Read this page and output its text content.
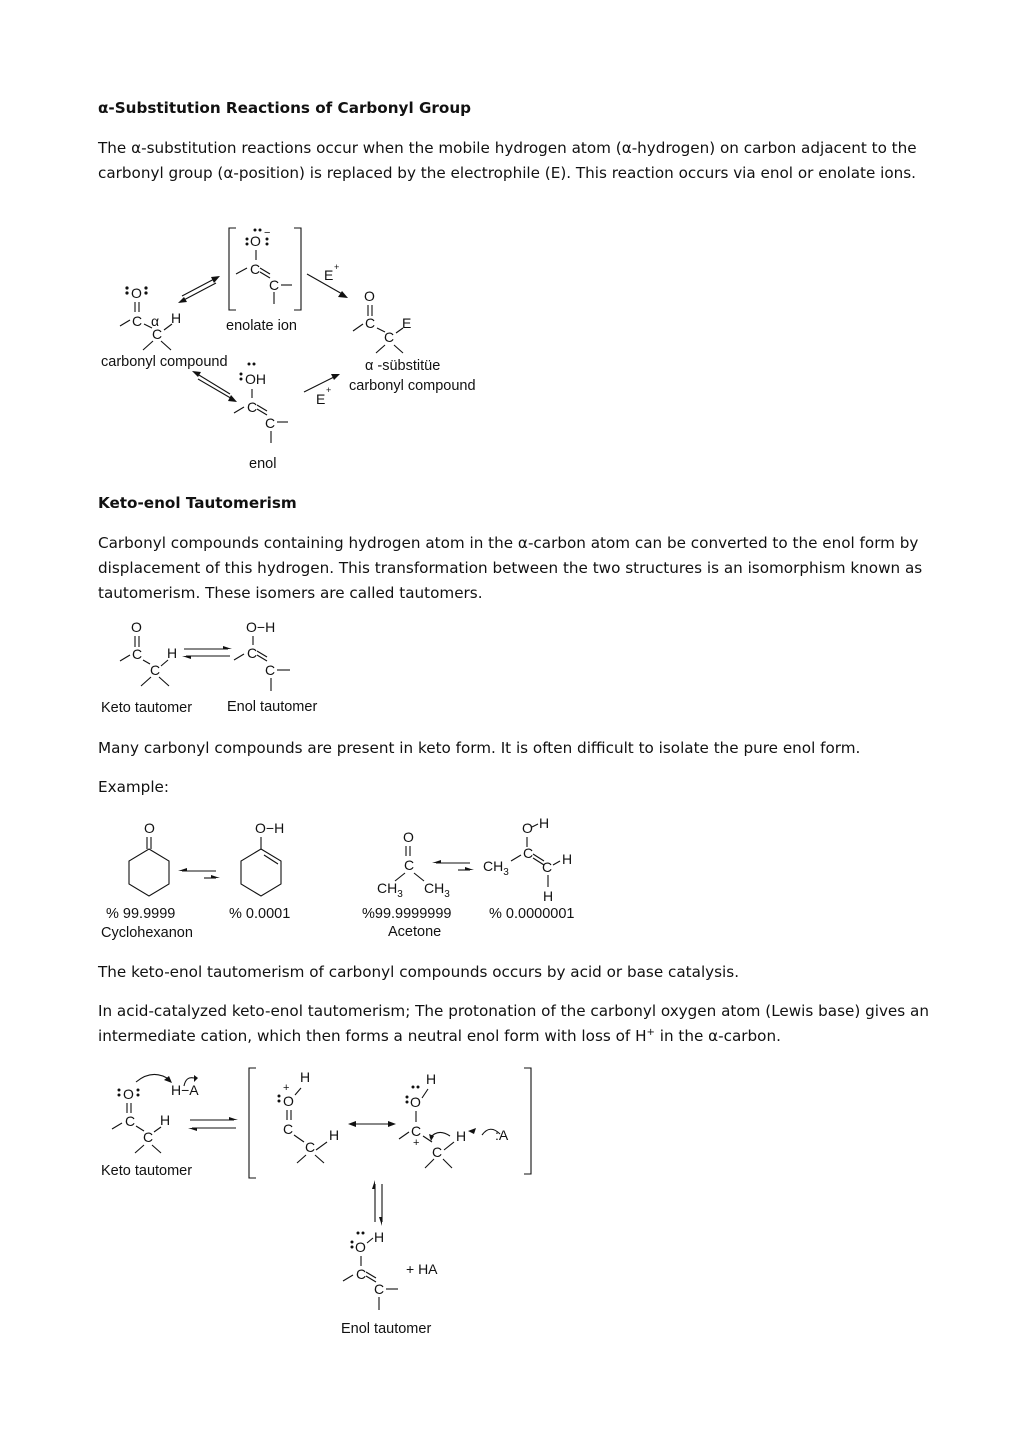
α-Substitution Reactions of Carbonyl Group

The α-substitution reactions occur when the mobile hydrogen atom (α-hydrogen) on carbon adjacent to the carbonyl group (α-position) is replaced by the electrophile (E). This reaction occurs via enol or enolate ions.

O
C α H
C
carbonyl compound
O −
C
C
enolate ion
E +
O
C E
C
α -sübstitüe
carbonyl compound
OH
C
C
enol
E
+

Keto-enol Tautomerism

Carbonyl compounds containing hydrogen atom in the α-carbon atom can be converted to the enol form by displacement of this hydrogen. This transformation between the two structures is an isomorphism known as tautomerism. These isomers are called tautomers.

O
C H
C
O−H
C
C
Keto tautomer Enol tautomer

Many carbonyl compounds are present in keto form. It is often difficult to isolate the pure enol form.

Example:

O	O−H
O
C
$CH_3$ $CH_3$
O H
C
$CH_3$ C H
H
% 99.9999
Cyclohexanon
% 0.0001	%99.9999999
Acetone
% 0.0000001

The keto-enol tautomerism of carbonyl compounds occurs by acid or base catalysis.

In acid-catalyzed keto-enol tautomerism; The protonation of the carbonyl oxygen atom (Lewis base) gives an intermediate cation, which then forms a neutral enol form with loss of H+ in the α-carbon.

O	H−A
C H
C
Keto tautomer
+
O
H
C
C
H
O
H
C
+
C
H :A
O
H
C
C
+ HA
Enol tautomer
